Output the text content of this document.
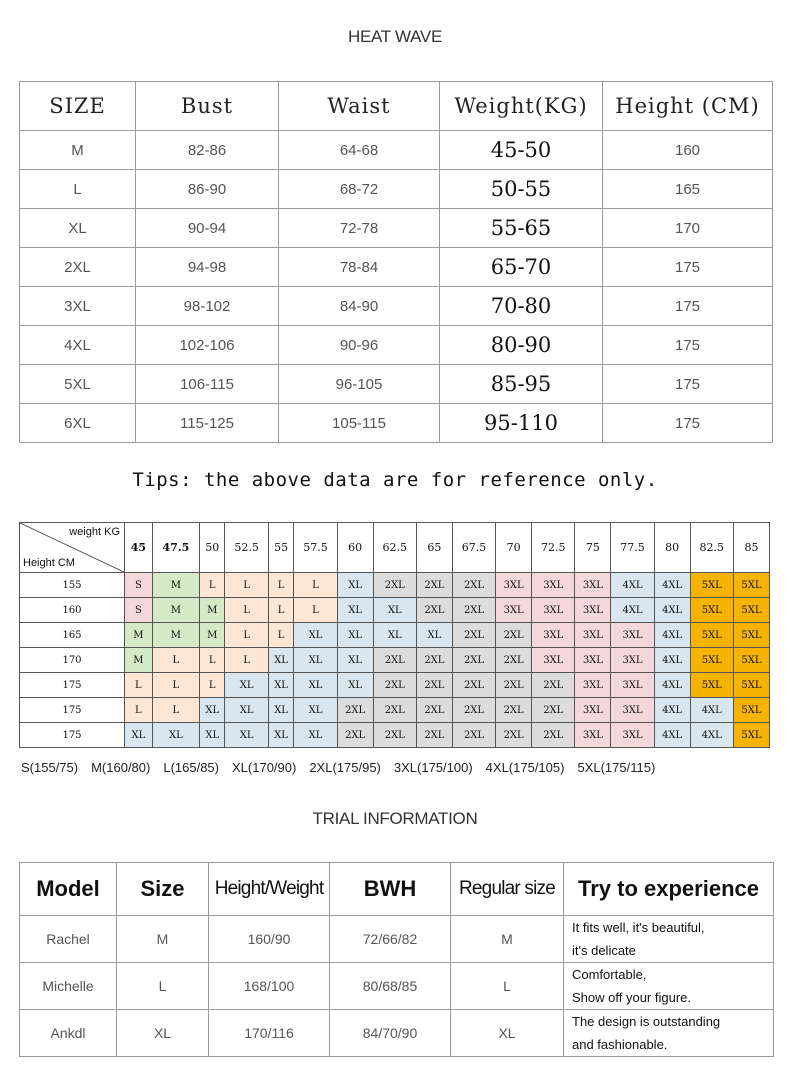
HEAT WAVE
SIZE	Bust	Waist	Weight(KG)	Height (CM)
M	82-86	64-68	45-50	160
L	86-90	68-72	50-55	165
XL	90-94	72-78	55-65	170
2XL	94-98	78-84	65-70	175
3XL	98-102	84-90	70-80	175
4XL	102-106	90-96	80-90	175
5XL	106-115	96-105	85-95	175
6XL	115-125	105-115	95-110	175
Tips: the above data are for reference only.
weight KG
Height CM	45	47.5	50	52.5	55	57.5	60	62.5	65	67.5	70	72.5	75	77.5	80	82.5	85
155	S	M	L	L	L	L	XL	2XL	2XL	2XL	3XL	3XL	3XL	4XL	4XL	5XL	5XL
160	S	M	M	L	L	L	XL	XL	2XL	2XL	3XL	3XL	3XL	4XL	4XL	5XL	5XL
165	M	M	M	L	L	XL	XL	XL	XL	2XL	2XL	3XL	3XL	3XL	4XL	5XL	5XL
170	M	L	L	L	XL	XL	XL	2XL	2XL	2XL	2XL	3XL	3XL	3XL	4XL	5XL	5XL
175	L	L	L	XL	XL	XL	XL	2XL	2XL	2XL	2XL	2XL	3XL	3XL	4XL	5XL	5XL
175	L	L	XL	XL	XL	XL	2XL	2XL	2XL	2XL	2XL	2XL	3XL	3XL	4XL	4XL	5XL
175	XL	XL	XL	XL	XL	XL	2XL	2XL	2XL	2XL	2XL	2XL	3XL	3XL	4XL	4XL	5XL
S(155/75) M(160/80) L(165/85) XL(170/90) 2XL(175/95) 3XL(175/100) 4XL(175/105) 5XL(175/115)
TRIAL INFORMATION
Model	Size	Height/Weight	BWH	Regular size	Try to experience
Rachel	M	160/90	72/66/82	M	It fits well, it's beautiful,
it's delicate

Michelle	L	168/100	80/68/85	L	Comfortable,
Show off your figure.

Ankdl	XL	170/116	84/70/90	XL	The design is outstanding
and fashionable.
